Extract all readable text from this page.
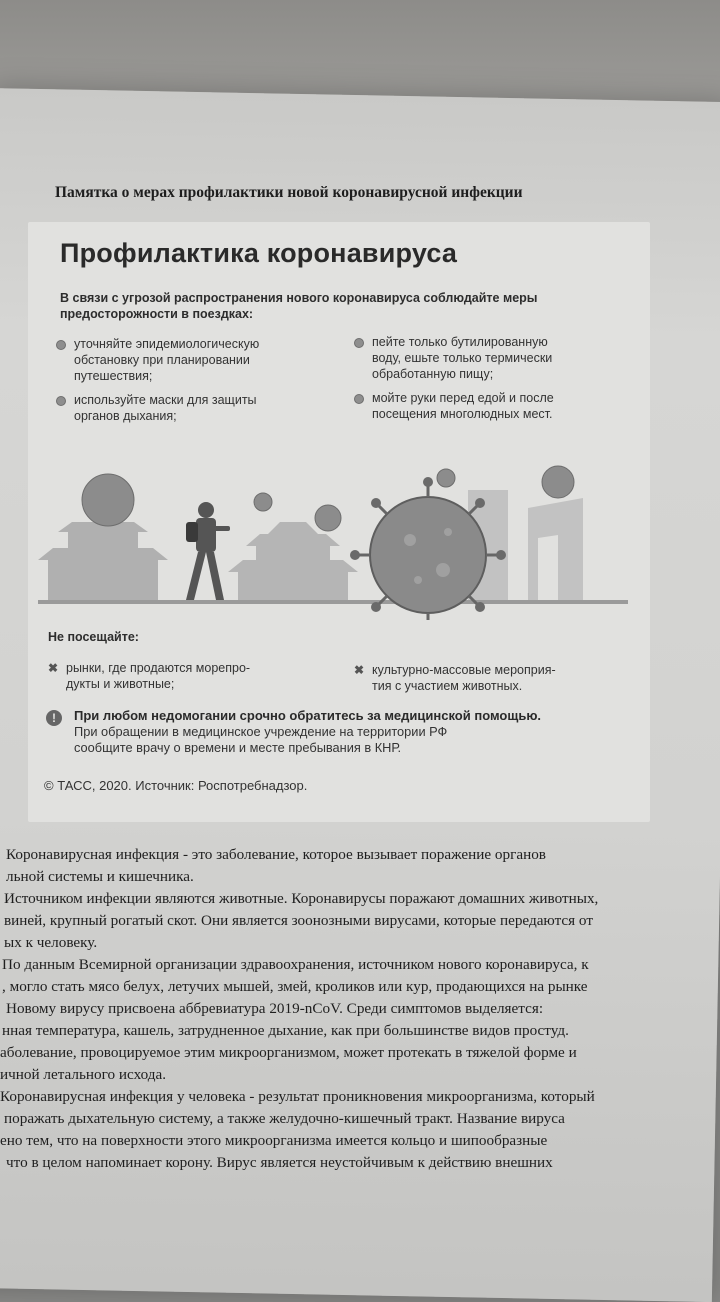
Памятка о мерах профилактики новой коронавирусной инфекции
Профилактика коронавируса
В связи с угрозой распространения нового коронавируса соблюдайте меры предосторожности в поездках:
уточняйте эпидемиологическую
обстановку при планировании
путешествия;
пейте только бутилированную
воду, ешьте только термически
обработанную пищу;
используйте маски для защиты
органов дыхания;
мойте руки перед едой и после
посещения многолюдных мест.
Не посещайте:
✖ рынки, где продаются морепро-
дукты и животные;
✖ культурно-массовые мероприя-
тия с участием животных.
!	При любом недомогании срочно обратитесь за медицинской помощью.
При обращении в медицинское учреждение на территории РФ
сообщите врачу о времени и месте пребывания в КНР.
© ТАСС, 2020. Источник: Роспотребнадзор.
Коронавирусная инфекция - это заболевание, которое вызывает поражение органов
льной системы и кишечника.
Источником инфекции являются животные. Коронавирусы поражают домашних животных,
виней, крупный рогатый скот. Они является зоонозными вирусами, которые передаются от
ых к человеку.
По данным Всемирной организации здравоохранения, источником нового коронавируса, к
, могло стать мясо белух, летучих мышей, змей, кроликов или кур, продающихся на рынке
Новому вирусу присвоена аббревиатура 2019-nCoV. Среди симптомов выделяется:
нная температура, кашель, затрудненное дыхание, как при большинстве видов простуд.
аболевание, провоцируемое этим микроорганизмом, может протекать в тяжелой форме и
ичной летального исхода.
Коронавирусная инфекция у человека - результат проникновения микроорганизма, который
поражать дыхательную систему, а также желудочно-кишечный тракт. Название вируса
ено тем, что на поверхности этого микроорганизма имеется кольцо и шипообразные
что в целом напоминает корону. Вирус является неустойчивым к действию внешних
